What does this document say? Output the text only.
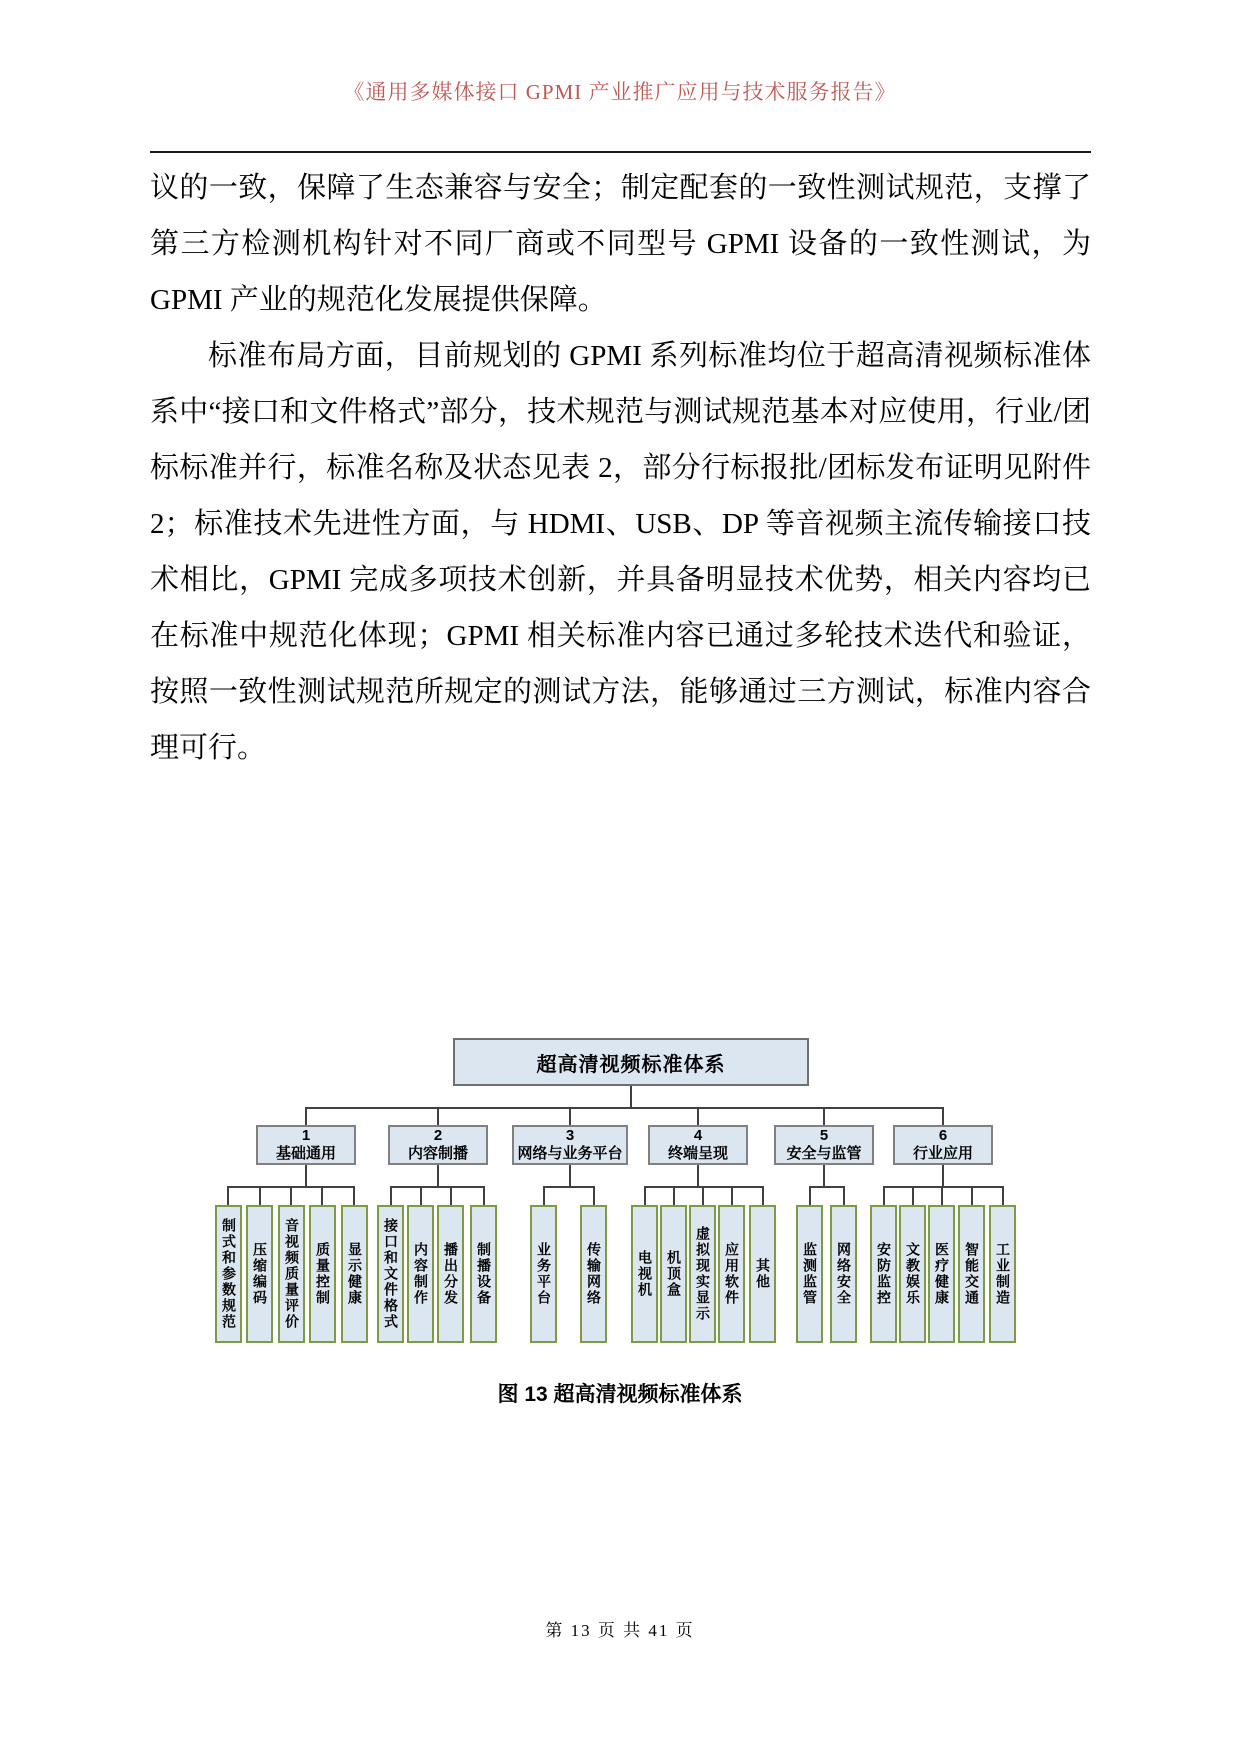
《通用多媒体接口 GPMI 产业推广应用与技术服务报告》

议的一致，保障了生态兼容与安全；制定配套的一致性测试规范，支撑了第三方检测机构针对不同厂商或不同型号 GPMI 设备的一致性测试，为 GPMI 产业的规范化发展提供保障。

标准布局方面，目前规划的 GPMI 系列标准均位于超高清视频标准体系中“接口和文件格式”部分，技术规范与测试规范基本对应使用，行业/团标标准并行，标准名称及状态见表 2，部分行标报批/团标发布证明见附件 2；标准技术先进性方面，与 HDMI、USB、DP 等音视频主流传输接口技术相比，GPMI 完成多项技术创新，并具备明显技术优势，相关内容均已在标准中规范化体现；GPMI 相关标准内容已通过多轮技术迭代和验证，按照一致性测试规范所规定的测试方法，能够通过三方测试，标准内容合理可行。

超高清视频标准体系
1
基础通用
2
内容制播
3
网络与业务平台
4
终端呈现
5
安全与监管
6
行业应用
制式和参数规范 压缩编码 音视频质量评价 质量控制 显示健康 接口和文件格式 内容制作 播出分发 制播设备	业务平台 传输网络	电视机 机顶盒 虚拟现实显示 应用软件 其他 监测监管 网络安全 安防监控 文教娱乐 医疗健康 智能交通 工业制造
图 13 超高清视频标准体系
第 13 页 共 41 页
